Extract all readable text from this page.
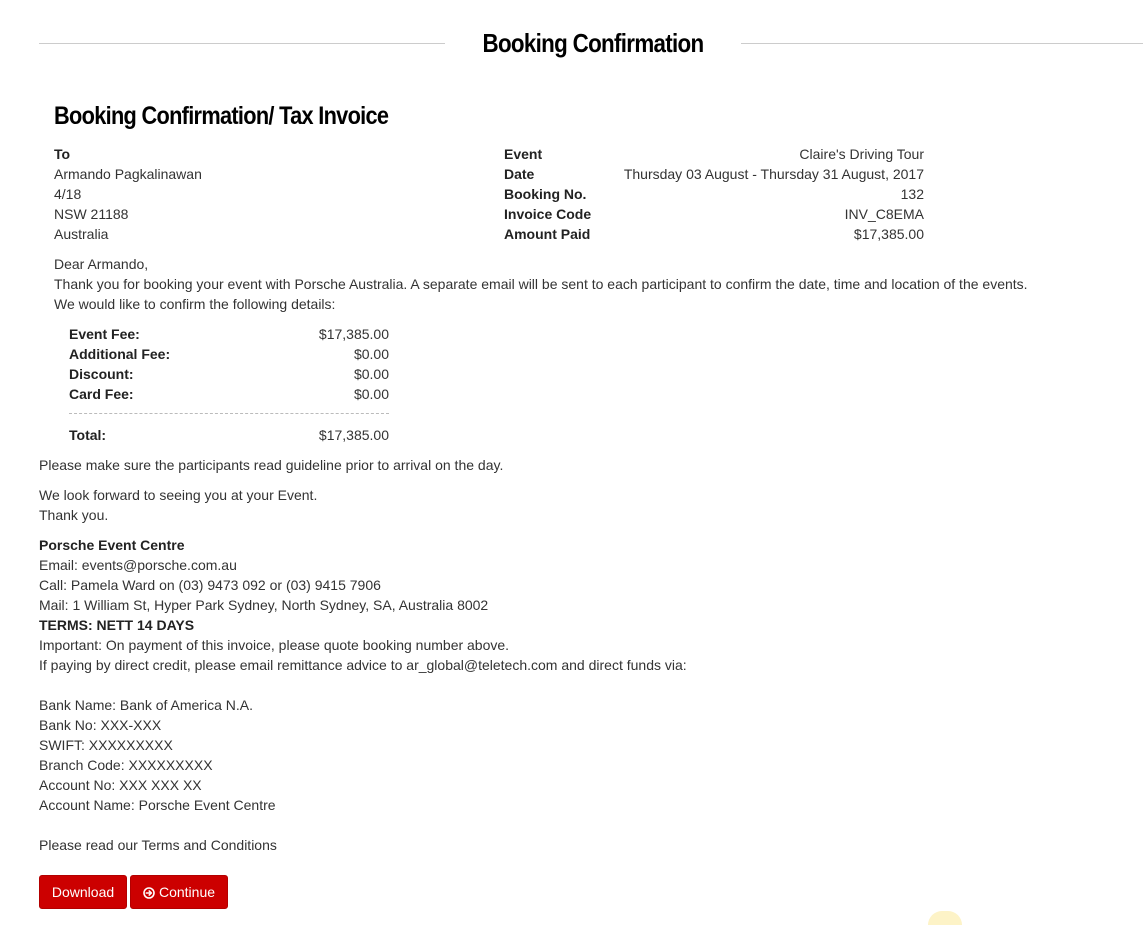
Booking Confirmation
Booking Confirmation/ Tax Invoice
To
Armando Pagkalinawan
4/18
NSW 21188
Australia
Event	Claire's Driving Tour
Date	Thursday 03 August - Thursday 31 August, 2017
Booking No.	132
Invoice Code	INV_C8EMA
Amount Paid	$17,385.00
Dear Armando,
Thank you for booking your event with Porsche Australia. A separate email will be sent to each participant to confirm the date, time and location of the events.
We would like to confirm the following details:
Event Fee:	$17,385.00
Additional Fee:	$0.00
Discount:	$0.00
Card Fee:	$0.00
Total:	$17,385.00
Please make sure the participants read guideline prior to arrival on the day.
We look forward to seeing you at your Event.
Thank you.
Porsche Event Centre
Email: events@porsche.com.au
Call: Pamela Ward on (03) 9473 092 or (03) 9415 7906
Mail: 1 William St, Hyper Park Sydney, North Sydney, SA, Australia 8002
TERMS: NETT 14 DAYS
Important: On payment of this invoice, please quote booking number above.
If paying by direct credit, please email remittance advice to ar_global@teletech.com and direct funds via:
Bank Name: Bank of America N.A.
Bank No: XXX-XXX
SWIFT: XXXXXXXXX
Branch Code: XXXXXXXXX
Account No: XXX XXX XX
Account Name: Porsche Event Centre
Please read our Terms and Conditions
Download	Continue
